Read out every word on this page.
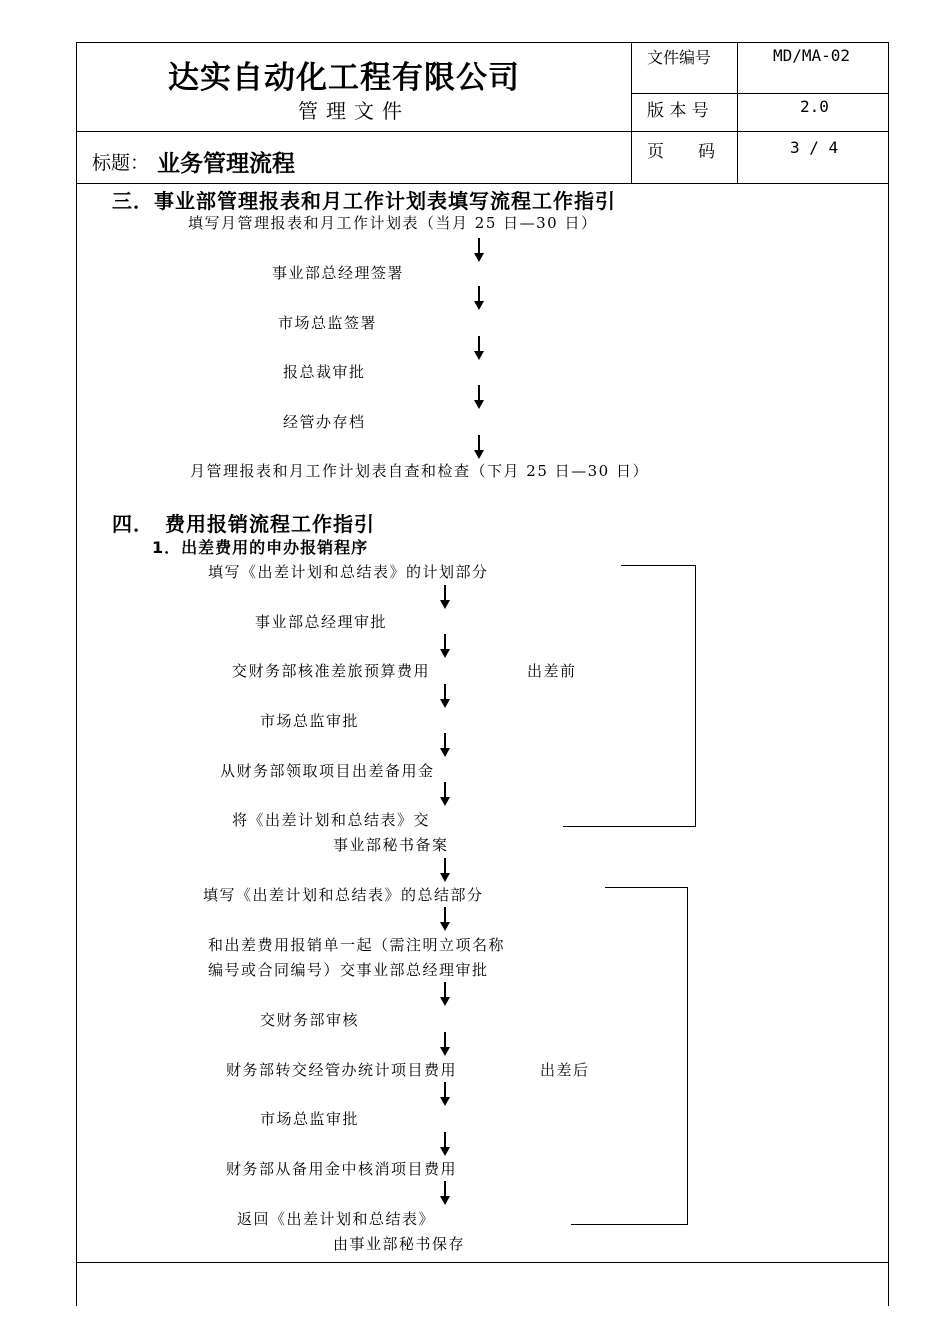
达实自动化工程有限公司
管理文件
文件编号	MD/MA-02
版 本 号	2.0
页　　码	3 / 4
标题： 业务管理流程
三．事业部管理报表和月工作计划表填写流程工作指引
填写月管理报表和月工作计划表（当月 25 日—30 日）
事业部总经理签署
市场总监签署
报总裁审批
经管办存档
月管理报表和月工作计划表自查和检查（下月 25 日—30 日）
四．　费用报销流程工作指引
1．出差费用的申办报销程序
填写《出差计划和总结表》的计划部分
事业部总经理审批
交财务部核准差旅预算费用	出差前
市场总监审批
从财务部领取项目出差备用金
将《出差计划和总结表》交
事业部秘书备案
填写《出差计划和总结表》的总结部分
和出差费用报销单一起（需注明立项名称
编号或合同编号）交事业部总经理审批
交财务部审核
财务部转交经管办统计项目费用	出差后
市场总监审批
财务部从备用金中核消项目费用
返回《出差计划和总结表》
由事业部秘书保存
